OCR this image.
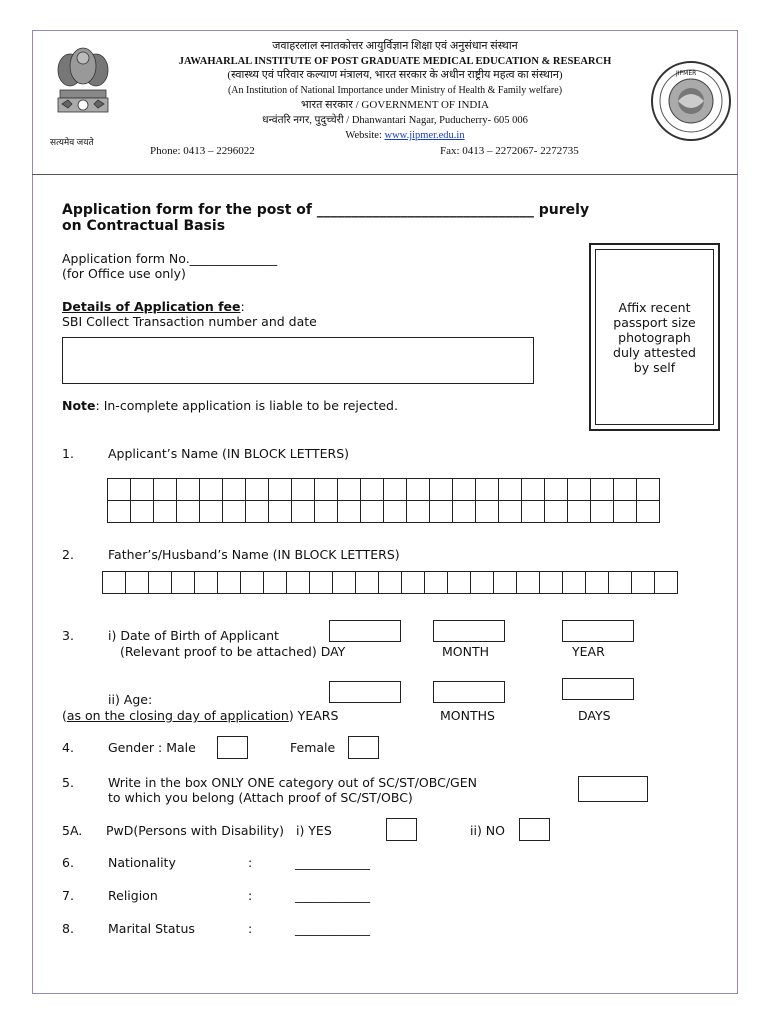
सत्यमेव जयते
जवाहरलाल स्नातकोत्तर आयुर्विज्ञान शिक्षा एवं अनुसंधान संस्थान
JAWAHARLAL INSTITUTE OF POST GRADUATE MEDICAL EDUCATION & RESEARCH
(स्वास्थ्य एवं परिवार कल्याण मंत्रालय, भारत सरकार के अधीन राष्ट्रीय महत्व का संस्थान)
(An Institution of National Importance under Ministry of Health & Family welfare)
भारत सरकार / GOVERNMENT OF INDIA
धन्वंतरि नगर, पुदुच्चेरी / Dhanwantari Nagar, Puducherry- 605 006
Website: www.jipmer.edu.in
Phone: 0413 – 2296022	Fax: 0413 – 2272067- 2272735
JIPMER
Application form for the post of _______________________________ purely
on Contractual Basis
Application form No.______________
(for Office use only)
Details of Application fee:
SBI Collect Transaction number and date
Note: In-complete application is liable to be rejected.
Affix recent
passport size
photograph
duly attested
by self
1.	Applicant’s Name (IN BLOCK LETTERS)
2.	Father’s/Husband’s Name (IN BLOCK LETTERS)
3.	i) Date of Birth of Applicant
(Relevant proof to be attached) DAY	MONTH	YEAR
ii) Age:
(as on the closing day of application) YEARS	MONTHS	DAYS
4.	Gender : Male	Female
5.	Write in the box ONLY ONE category out of SC/ST/OBC/GEN
to which you belong (Attach proof of SC/ST/OBC)
5A. PwD(Persons with Disability)   i) YES	ii) NO
6.	Nationality	:	____________
7.	Religion	:	____________
8.	Marital Status	:	____________
